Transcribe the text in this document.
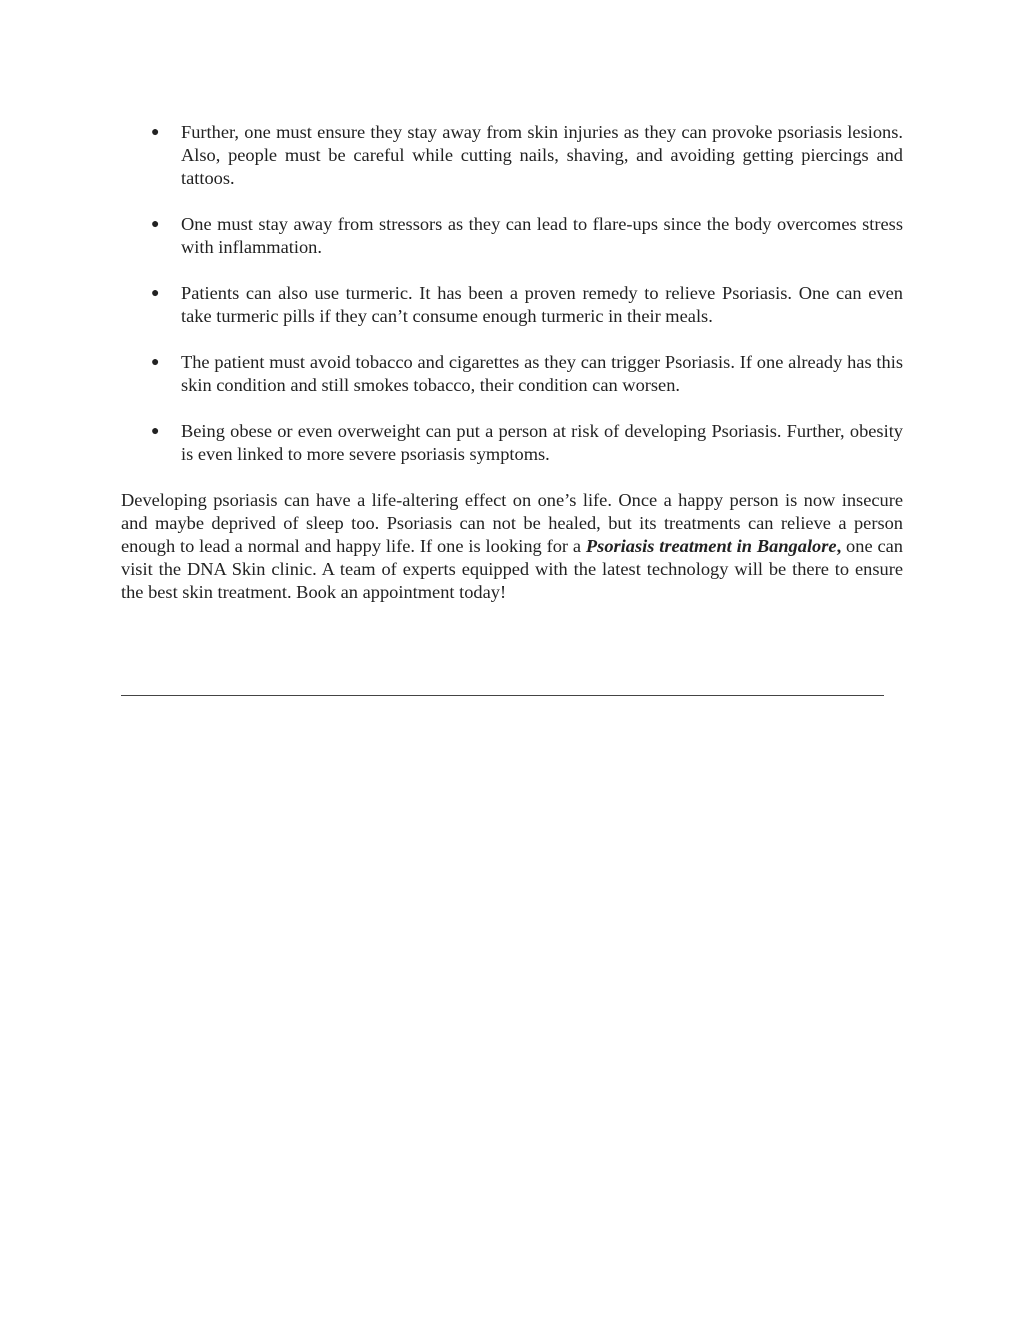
● Further, one must ensure they stay away from skin injuries as they can provoke psoriasis lesions. Also, people must be careful while cutting nails, shaving, and avoiding getting piercings and tattoos.
● One must stay away from stressors as they can lead to flare-ups since the body overcomes stress with inflammation.
● Patients can also use turmeric. It has been a proven remedy to relieve Psoriasis. One can even take turmeric pills if they can’t consume enough turmeric in their meals.
● The patient must avoid tobacco and cigarettes as they can trigger Psoriasis. If one already has this skin condition and still smokes tobacco, their condition can worsen.
● Being obese or even overweight can put a person at risk of developing Psoriasis. Further, obesity is even linked to more severe psoriasis symptoms.

Developing psoriasis can have a life-altering effect on one’s life. Once a happy person is now insecure and maybe deprived of sleep too. Psoriasis can not be healed, but its treatments can relieve a person enough to lead a normal and happy life. If one is looking for a Psoriasis treatment in Bangalore, one can visit the DNA Skin clinic. A team of experts equipped with the latest technology will be there to ensure the best skin treatment. Book an appointment today!
